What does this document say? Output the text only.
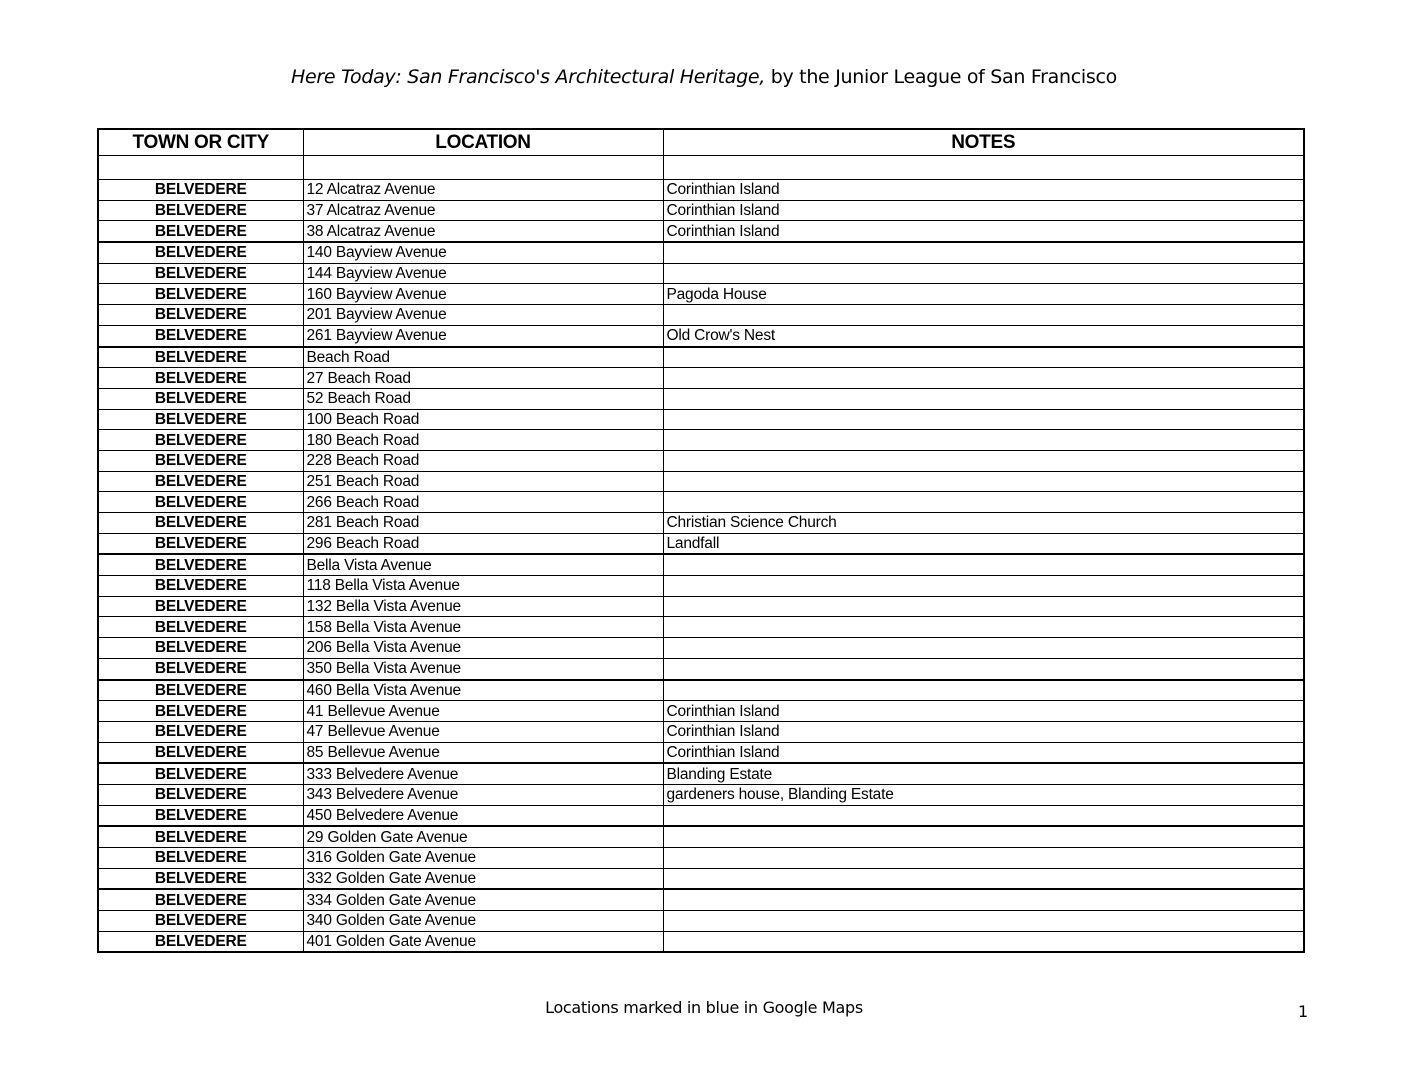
Here Today: San Francisco's Architectural Heritage, by the Junior League of San Francisco
TOWN OR CITY	LOCATION	NOTES

BELVEDERE	12 Alcatraz Avenue	Corinthian Island
BELVEDERE	37 Alcatraz Avenue	Corinthian Island
BELVEDERE	38 Alcatraz Avenue	Corinthian Island
BELVEDERE	140 Bayview Avenue	
BELVEDERE	144 Bayview Avenue	
BELVEDERE	160 Bayview Avenue	Pagoda House
BELVEDERE	201 Bayview Avenue	
BELVEDERE	261 Bayview Avenue	Old Crow's Nest
BELVEDERE	Beach Road	
BELVEDERE	27 Beach Road	
BELVEDERE	52 Beach Road	
BELVEDERE	100 Beach Road	
BELVEDERE	180 Beach Road	
BELVEDERE	228 Beach Road	
BELVEDERE	251 Beach Road	
BELVEDERE	266 Beach Road	
BELVEDERE	281 Beach Road	Christian Science Church
BELVEDERE	296 Beach Road	Landfall
BELVEDERE	Bella Vista Avenue	
BELVEDERE	118 Bella Vista Avenue	
BELVEDERE	132 Bella Vista Avenue	
BELVEDERE	158 Bella Vista Avenue	
BELVEDERE	206 Bella Vista Avenue	
BELVEDERE	350 Bella Vista Avenue	
BELVEDERE	460 Bella Vista Avenue	
BELVEDERE	41 Bellevue Avenue	Corinthian Island
BELVEDERE	47 Bellevue Avenue	Corinthian Island
BELVEDERE	85 Bellevue Avenue	Corinthian Island
BELVEDERE	333 Belvedere Avenue	Blanding Estate
BELVEDERE	343 Belvedere Avenue	gardeners house, Blanding Estate
BELVEDERE	450 Belvedere Avenue	
BELVEDERE	29 Golden Gate Avenue	
BELVEDERE	316 Golden Gate Avenue	
BELVEDERE	332 Golden Gate Avenue	
BELVEDERE	334 Golden Gate Avenue	
BELVEDERE	340 Golden Gate Avenue	
BELVEDERE	401 Golden Gate Avenue	
Locations marked in blue in Google Maps	1
